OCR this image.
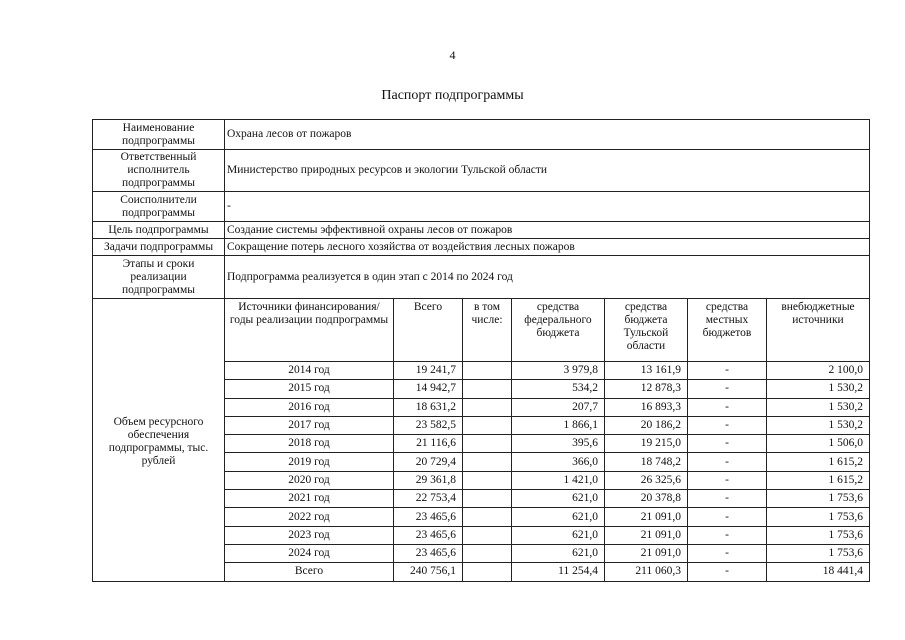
4
Паспорт подпрограммы
Наименование подпрограммы	Охрана лесов от пожаров
Ответственный исполнитель подпрограммы	Министерство природных ресурсов и экологии Тульской области
Соисполнители подпрограммы	-
Цель подпрограммы	Создание системы эффективной охраны лесов от пожаров
Задачи подпрограммы	Сокращение потерь лесного хозяйства от воздействия лесных пожаров
Этапы и сроки реализации подпрограммы	Подпрограмма реализуется в один этап с 2014 по 2024 год
Объем ресурсного обеспечения подпрограммы, тыс. рублей	
Источники финансирования/ годы реализации подпрограммы	Всего	в том числе:	средства федерального бюджета	средства бюджета Тульской области	средства местных бюджетов	внебюджетные источники
2014 год	19 241,7		3 979,8	13 161,9	-	2 100,0
2015 год	14 942,7		534,2	12 878,3	-	1 530,2
2016 год	18 631,2		207,7	16 893,3	-	1 530,2
2017 год	23 582,5		1 866,1	20 186,2	-	1 530,2
2018 год	21 116,6		395,6	19 215,0	-	1 506,0
2019 год	20 729,4		366,0	18 748,2	-	1 615,2
2020 год	29 361,8		1 421,0	26 325,6	-	1 615,2
2021 год	22 753,4		621,0	20 378,8	-	1 753,6
2022 год	23 465,6		621,0	21 091,0	-	1 753,6
2023 год	23 465,6		621,0	21 091,0	-	1 753,6
2024 год	23 465,6		621,0	21 091,0	-	1 753,6
Всего	240 756,1		11 254,4	211 060,3	-	18 441,4
